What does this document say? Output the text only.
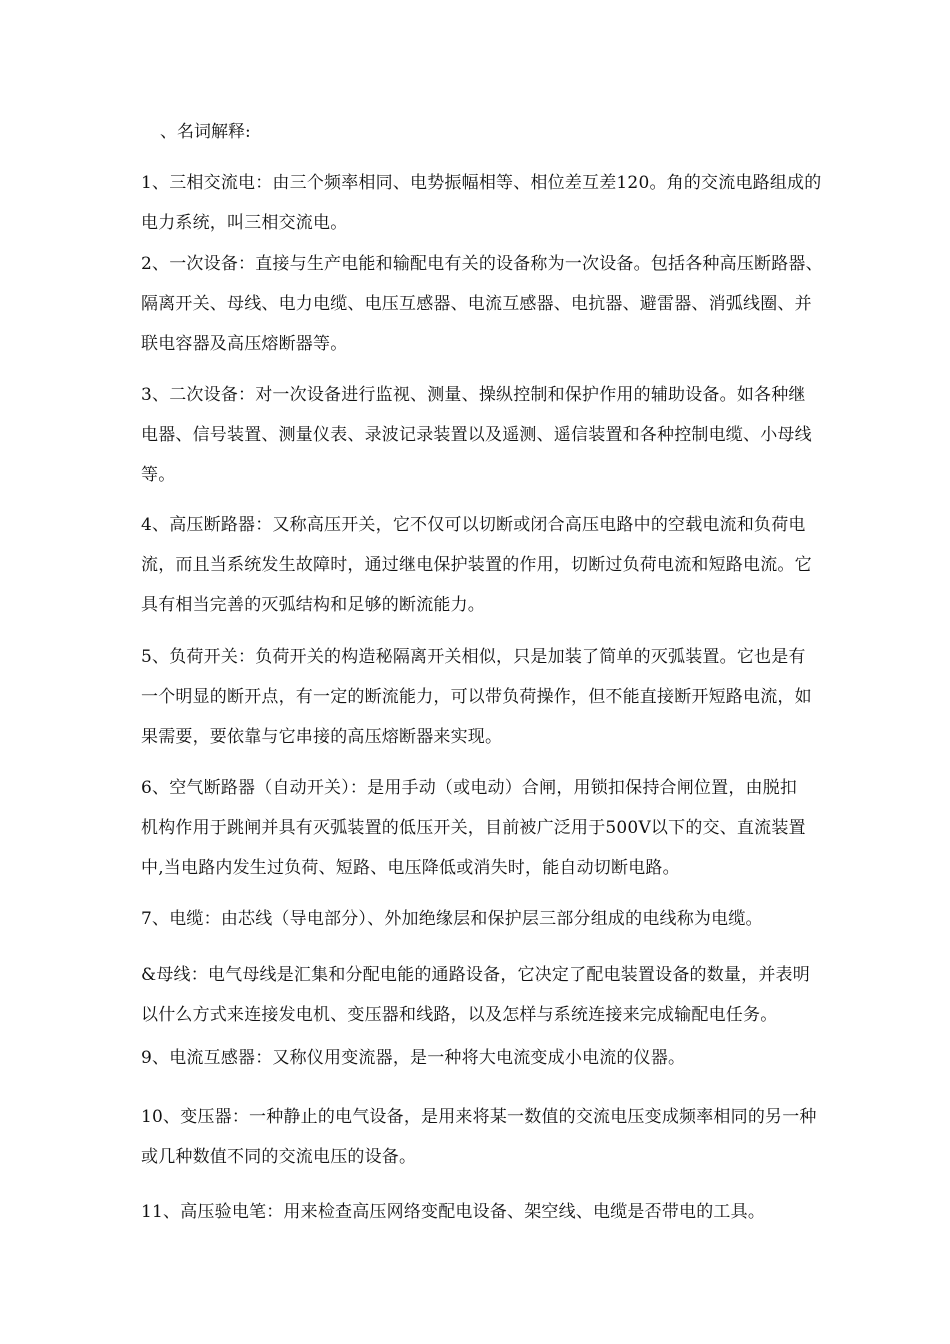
、名词解释:
1、三相交流电：由三个频率相同、电势振幅相等、相位差互差120。角的交流电路组成的
电力系统，叫三相交流电。
2、一次设备：直接与生产电能和输配电有关的设备称为一次设备。包括各种高压断路器、
隔离开关、母线、电力电缆、电压互感器、电流互感器、电抗器、避雷器、消弧线圈、并
联电容器及高压熔断器等。
3、二次设备：对一次设备进行监视、测量、操纵控制和保护作用的辅助设备。如各种继
电器、信号装置、测量仪表、录波记录装置以及遥测、遥信装置和各种控制电缆、小母线
等。
4、高压断路器：又称高压开关，它不仅可以切断或闭合高压电路中的空载电流和负荷电
流，而且当系统发生故障时，通过继电保护装置的作用，切断过负荷电流和短路电流。它
具有相当完善的灭弧结构和足够的断流能力。
5、负荷开关：负荷开关的构造秘隔离开关相似，只是加装了简单的灭弧装置。它也是有
一个明显的断开点，有一定的断流能力，可以带负荷操作，但不能直接断开短路电流，如
果需要，要依靠与它串接的高压熔断器来实现。
6、空气断路器（自动开关）：是用手动（或电动）合闸，用锁扣保持合闸位置，由脱扣
机构作用于跳闸并具有灭弧装置的低压开关，目前被广泛用于500V以下的交、直流装置
中,当电路内发生过负荷、短路、电压降低或消失时，能自动切断电路。
7、电缆：由芯线（导电部分）、外加绝缘层和保护层三部分组成的电线称为电缆。
&母线：电气母线是汇集和分配电能的通路设备，它决定了配电装置设备的数量，并表明
以什么方式来连接发电机、变压器和线路，以及怎样与系统连接来完成输配电任务。
9、电流互感器：又称仪用变流器，是一种将大电流变成小电流的仪器。
10、变压器：一种静止的电气设备，是用来将某一数值的交流电压变成频率相同的另一种
或几种数值不同的交流电压的设备。
11、高压验电笔：用来检查高压网络变配电设备、架空线、电缆是否带电的工具。
